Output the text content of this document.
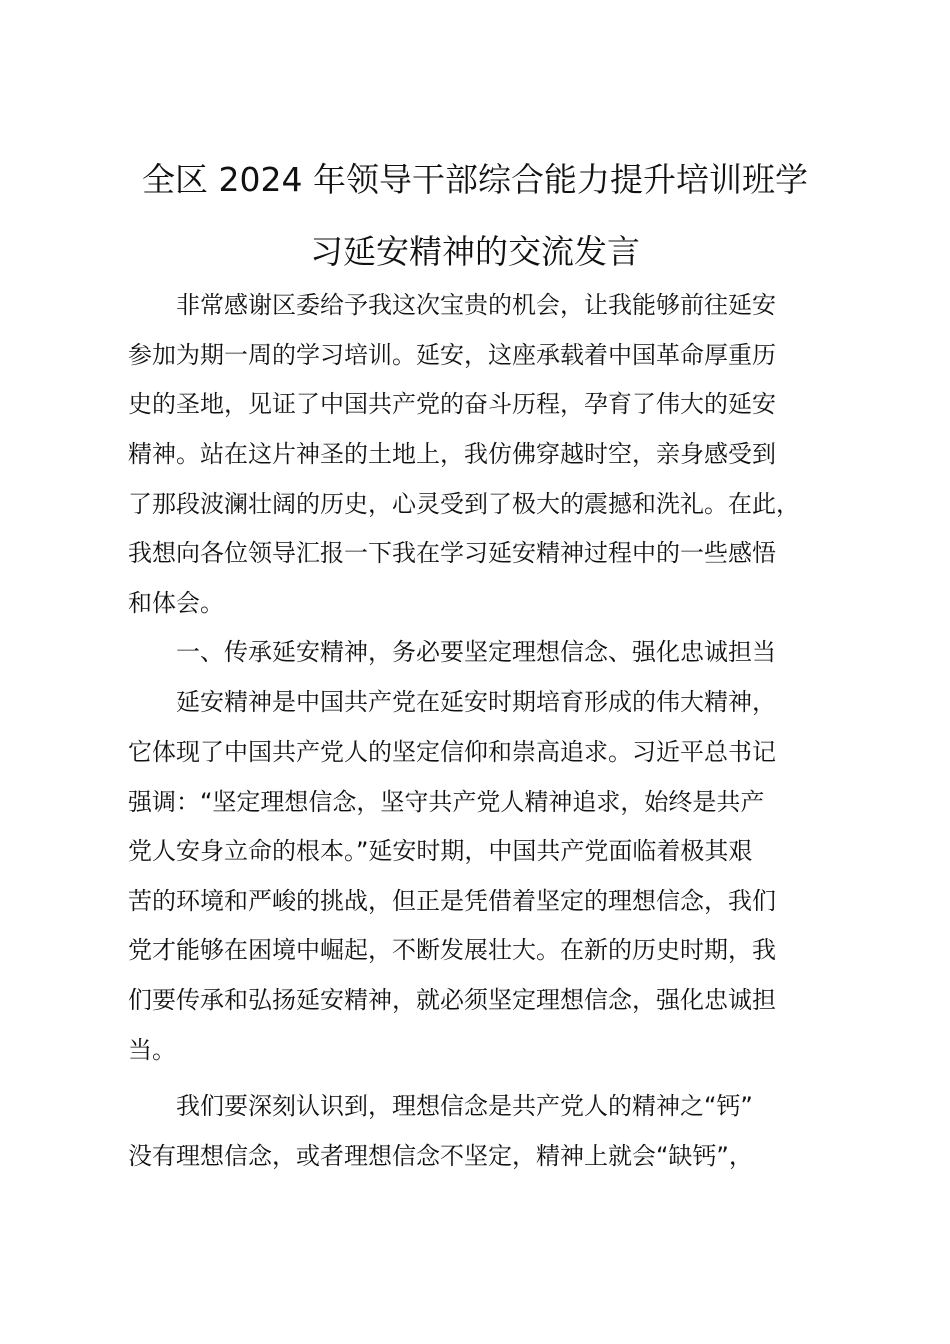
全区 2024 年领导干部综合能力提升培训班学
习延安精神的交流发言
　　非常感谢区委给予我这次宝贵的机会，让我能够前往延安
参加为期一周的学习培训。延安，这座承载着中国革命厚重历
史的圣地，见证了中国共产党的奋斗历程，孕育了伟大的延安
精神。站在这片神圣的土地上，我仿佛穿越时空，亲身感受到
了那段波澜壮阔的历史，心灵受到了极大的震撼和洗礼。在此，
我想向各位领导汇报一下我在学习延安精神过程中的一些感悟
和体会。
　　一、传承延安精神，务必要坚定理想信念、强化忠诚担当
　　延安精神是中国共产党在延安时期培育形成的伟大精神，
它体现了中国共产党人的坚定信仰和崇高追求。习近平总书记
强调：“坚定理想信念，坚守共产党人精神追求，始终是共产
党人安身立命的根本。”延安时期，中国共产党面临着极其艰
苦的环境和严峻的挑战，但正是凭借着坚定的理想信念，我们
党才能够在困境中崛起，不断发展壮大。在新的历史时期，我
们要传承和弘扬延安精神，就必须坚定理想信念，强化忠诚担
当。
　　我们要深刻认识到，理想信念是共产党人的精神之“钙”
没有理想信念，或者理想信念不坚定，精神上就会“缺钙”，
